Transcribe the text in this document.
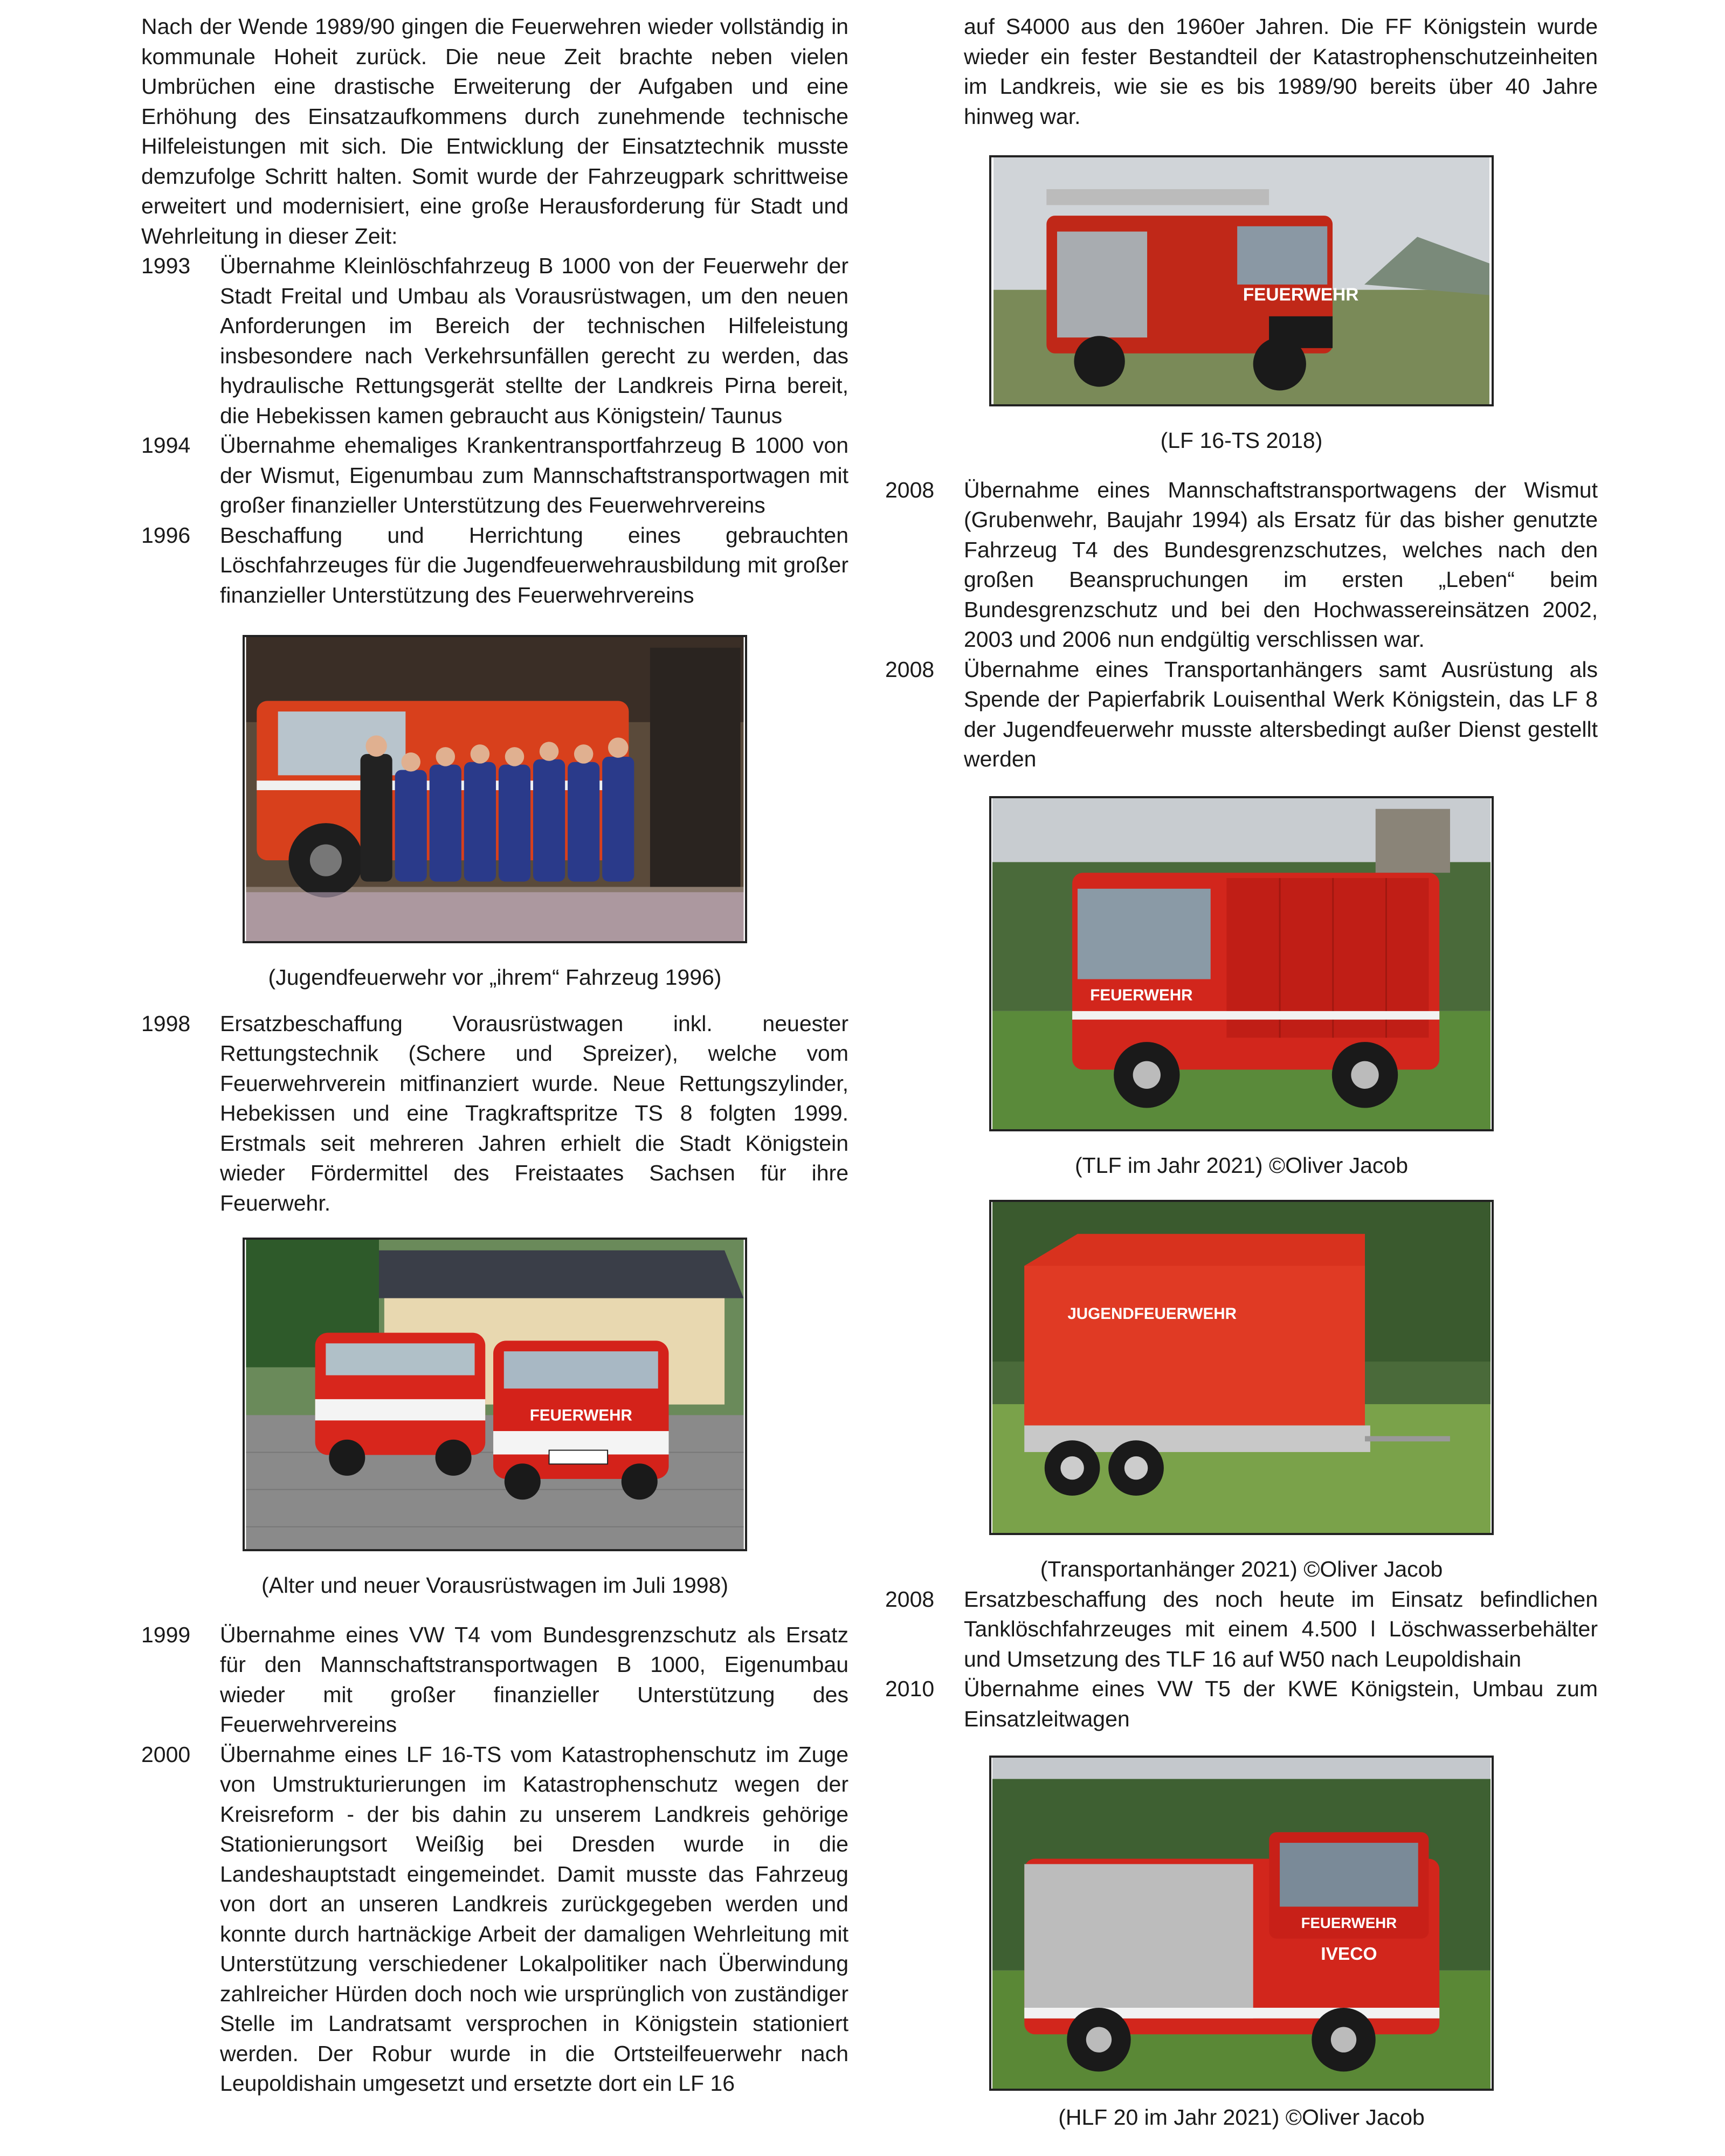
Nach der Wende 1989/90 gingen die Feuerwehren wieder vollständig in kommunale Hoheit zurück. Die neue Zeit brachte neben vielen Umbrüchen eine drastische Erweiterung der Aufgaben und eine Erhöhung des Einsatzaufkommens durch zunehmende technische Hilfeleistungen mit sich. Die Entwicklung der Einsatztechnik musste demzufolge Schritt halten. Somit wurde der Fahrzeugpark schrittweise erweitert und modernisiert, eine große Herausforderung für Stadt und Wehrleitung in dieser Zeit:

1993	Übernahme Kleinlöschfahrzeug B 1000 von der Feuerwehr der Stadt Freital und Umbau als Vorausrüstwagen, um den neuen Anforderungen im Bereich der technischen Hilfeleistung insbesondere nach Verkehrsunfällen gerecht zu werden, das hydraulische Rettungsgerät stellte der Landkreis Pirna bereit, die Hebekissen kamen gebraucht aus Königstein/ Taunus
1994	Übernahme ehemaliges Krankentransportfahrzeug B 1000 von der Wismut, Eigenumbau zum Mannschaftstransportwagen mit großer finanzieller Unterstützung des Feuerwehrvereins
1996	Beschaffung und Herrichtung eines gebrauchten Löschfahrzeuges für die Jugendfeuerwehrausbildung mit großer finanzieller Unterstützung des Feuerwehrvereins

(Jugendfeuerwehr vor „ihrem“ Fahrzeug 1996)

1998	Ersatzbeschaffung Vorausrüstwagen inkl. neuester Rettungstechnik (Schere und Spreizer), welche vom Feuerwehrverein mitfinanziert wurde. Neue Rettungszylinder, Hebekissen und eine Tragkraftspritze TS 8 folgten 1999. Erstmals seit mehreren Jahren erhielt die Stadt Königstein wieder Fördermittel des Freistaates Sachsen für ihre Feuerwehr.
FEUERWEHR

(Alter und neuer Vorausrüstwagen im Juli 1998)

1999	Übernahme eines VW T4 vom Bundesgrenzschutz als Ersatz für den Mannschaftstransportwagen B 1000, Eigenumbau wieder mit großer finanzieller Unterstützung des Feuerwehrvereins
2000	Übernahme eines LF 16-TS vom Katastrophenschutz im Zuge von Umstrukturierungen im Katastrophenschutz wegen der Kreisreform - der bis dahin zu unserem Landkreis gehörige Stationierungsort Weißig bei Dresden wurde in die Landeshauptstadt eingemeindet. Damit musste das Fahrzeug von dort an unseren Landkreis zurückgegeben werden und konnte durch hartnäckige Arbeit der damaligen Wehrleitung mit Unterstützung verschiedener Lokalpolitiker nach Überwindung zahlreicher Hürden doch noch wie ursprünglich von zuständiger Stelle im Landratsamt versprochen in Königstein stationiert werden. Der Robur wurde in die Ortsteilfeuerwehr nach Leupoldishain umgesetzt und ersetzte dort ein LF 16
auf S4000 aus den 1960er Jahren. Die FF Königstein wurde wieder ein fester Bestandteil der Katastrophenschutzeinheiten im Landkreis, wie sie es bis 1989/90 bereits über 40 Jahre hinweg war.
FEUERWEHR

(LF 16-TS 2018)

2008	Übernahme eines Mannschaftstransportwagens der Wismut (Grubenwehr, Baujahr 1994) als Ersatz für das bisher genutzte Fahrzeug T4 des Bundesgrenzschutzes, welches nach den großen Beanspruchungen im ersten „Leben“ beim Bundesgrenzschutz und bei den Hochwassereinsätzen 2002, 2003 und 2006 nun endgültig verschlissen war.
2008	Übernahme eines Transportanhängers samt Ausrüstung als Spende der Papierfabrik Louisenthal Werk Königstein, das LF 8 der Jugendfeuerwehr musste altersbedingt außer Dienst gestellt werden
FEUERWEHR

(TLF im Jahr 2021) ©Oliver Jacob

JUGENDFEUERWEHR

(Transportanhänger 2021) ©Oliver Jacob

2008	Ersatzbeschaffung des noch heute im Einsatz befindlichen Tanklöschfahrzeuges mit einem 4.500 l Löschwasserbehälter und Umsetzung des TLF 16 auf W50 nach Leupoldishain
2010	Übernahme eines VW T5 der KWE Königstein, Umbau zum Einsatzleitwagen
FEUERWEHR
IVECO

(HLF 20 im Jahr 2021) ©Oliver Jacob
